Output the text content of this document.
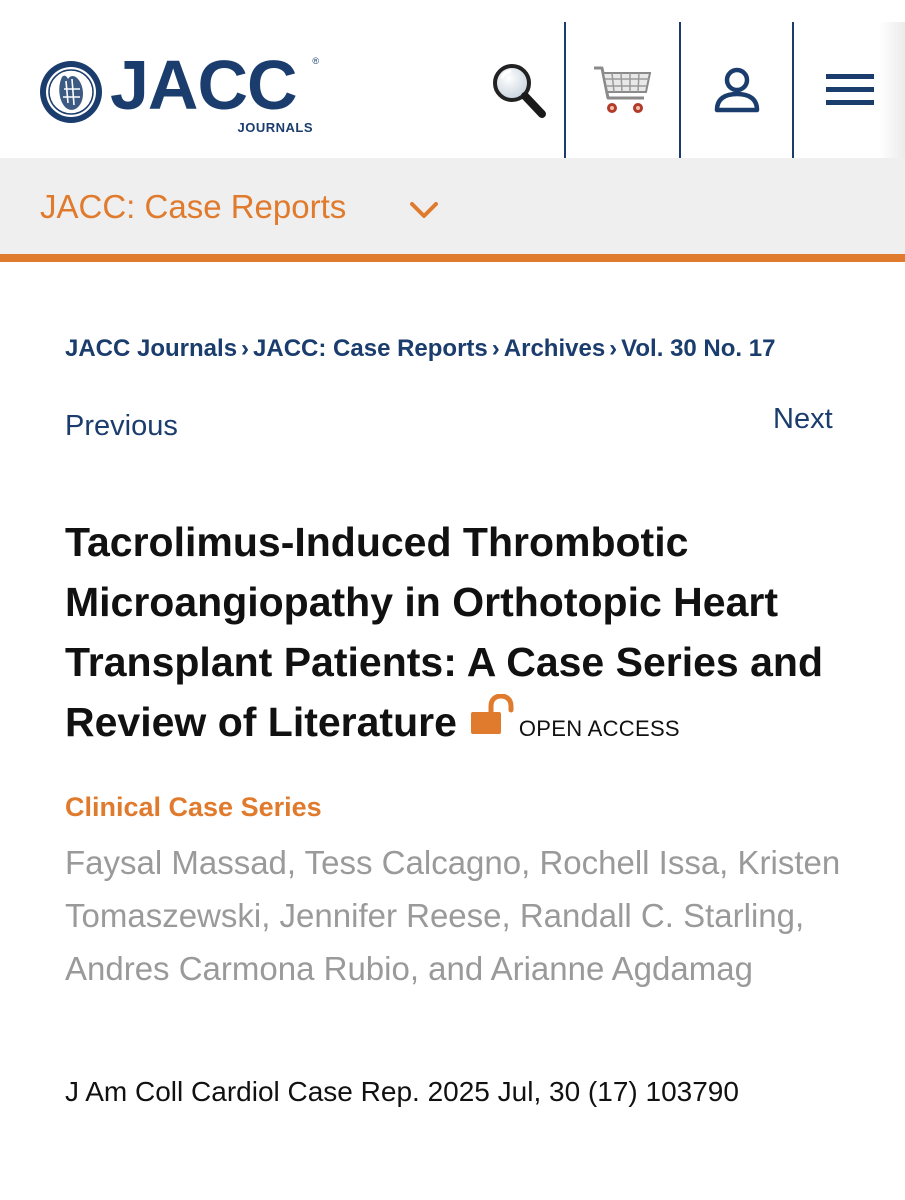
JACC ®
JOURNALS
JACC: Case Reports
JACC Journals › JACC: Case Reports › Archives › Vol. 30 No. 17
Previous	Next
Tacrolimus-Induced Thrombotic Microangiopathy in Orthotopic Heart Transplant Patients: A Case Series and Review of Literature	OPEN ACCESS
Clinical Case Series
Faysal Massad, Tess Calcagno, Rochell Issa, Kristen Tomaszewski, Jennifer Reese, Randall C. Starling, Andres Carmona Rubio, and Arianne Agdamag
J Am Coll Cardiol Case Rep. 2025 Jul, 30 (17) 103790
